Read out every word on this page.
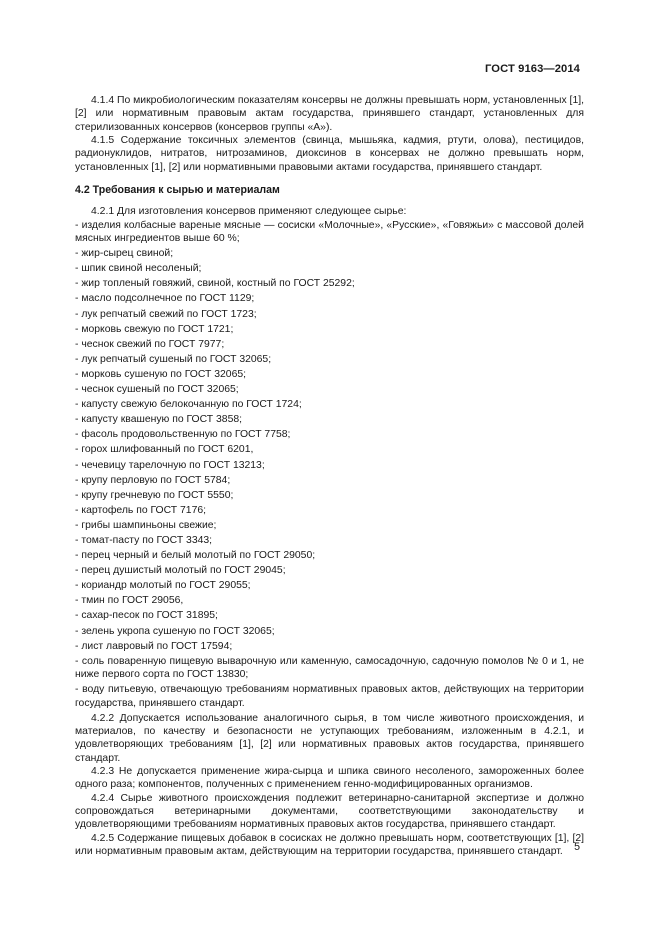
ГОСТ 9163—2014

4.1.4 По микробиологическим показателям консервы не должны превышать норм, установленных [1], [2] или нормативным правовым актам государства, принявшего стандарт, установленных для стерилизованных консервов (консервов группы «А»).

4.1.5 Содержание токсичных элементов (свинца, мышьяка, кадмия, ртути, олова), пестицидов, радионуклидов, нитратов, нитрозаминов, диоксинов в консервах не должно превышать норм, установленных [1], [2] или нормативными правовыми актами государства, принявшего стандарт.

4.2 Требования к сырью и материалам

4.2.1 Для изготовления консервов применяют следующее сырье:

- изделия колбасные вареные мясные — сосиски «Молочные», «Русские», «Говяжьи» с массовой долей мясных ингредиентов выше 60 %;
- жир-сырец свиной;
- шпик свиной несоленый;
- жир топленый говяжий, свиной, костный по ГОСТ 25292;
- масло подсолнечное по ГОСТ 1129;
- лук репчатый свежий по ГОСТ 1723;
- морковь свежую по ГОСТ 1721;
- чеснок свежий по ГОСТ 7977;
- лук репчатый сушеный по ГОСТ 32065;
- морковь сушеную по ГОСТ 32065;
- чеснок сушеный по ГОСТ 32065;
- капусту свежую белокочанную по ГОСТ 1724;
- капусту квашеную по ГОСТ 3858;
- фасоль продовольственную по ГОСТ 7758;
- горох шлифованный по ГОСТ 6201,
- чечевицу тарелочную по ГОСТ 13213;
- крупу перловую по ГОСТ 5784;
- крупу гречневую по ГОСТ 5550;
- картофель по ГОСТ 7176;
- грибы шампиньоны свежие;
- томат-пасту по ГОСТ 3343;
- перец черный и белый молотый по ГОСТ 29050;
- перец душистый молотый по ГОСТ 29045;
- кориандр молотый по ГОСТ 29055;
- тмин по ГОСТ 29056,
- сахар-песок по ГОСТ 31895;
- зелень укропа сушеную по ГОСТ 32065;
- лист лавровый по ГОСТ 17594;
- соль поваренную пищевую выварочную или каменную, самосадочную, садочную помолов № 0 и 1, не ниже первого сорта по ГОСТ 13830;
- воду питьевую, отвечающую требованиям нормативных правовых актов, действующих на территории государства, принявшего стандарт.

4.2.2 Допускается использование аналогичного сырья, в том числе животного происхождения, и материалов, по качеству и безопасности не уступающих требованиям, изложенным в 4.2.1, и удовлетворяющих требованиям [1], [2] или нормативных правовых актов государства, принявшего стандарт.

4.2.3 Не допускается применение жира-сырца и шпика свиного несоленого, замороженных более одного раза; компонентов, полученных с применением генно-модифицированных организмов.

4.2.4 Сырье животного происхождения подлежит ветеринарно-санитарной экспертизе и должно сопровождаться ветеринарными документами, соответствующими законодательству и удовлетворяющими требованиям нормативных правовых актов государства, принявшего стандарт.

4.2.5 Содержание пищевых добавок в сосисках не должно превышать норм, соответствующих [1], [2] или нормативным правовым актам, действующим на территории государства, принявшего стандарт.	5
